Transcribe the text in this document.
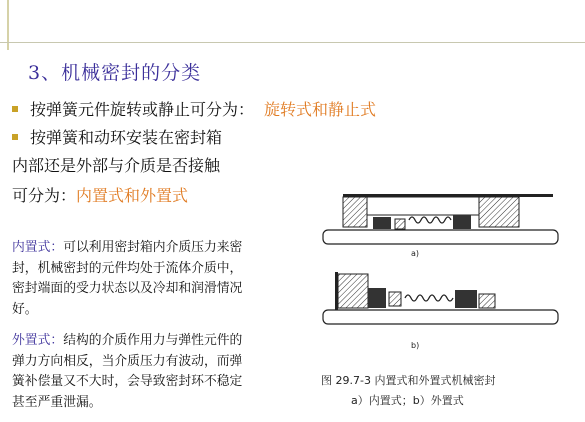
3、机械密封的分类
按弹簧元件旋转或静止可分为： 旋转式和静止式
按弹簧和动环安装在密封箱
内部还是外部与介质是否接触
可分为：内置式和外置式
内置式：可以利用密封箱内介质压力来密
封，机械密封的元件均处于流体介质中，
密封端面的受力状态以及冷却和润滑情况
好。
外置式：结构的介质作用力与弹性元件的
弹力方向相反，当介质压力有波动，而弹
簧补偿量又不大时，会导致密封环不稳定
甚至严重泄漏。
a)
b)
图 29.7-3 内置式和外置式机械密封
a）内置式；b）外置式
